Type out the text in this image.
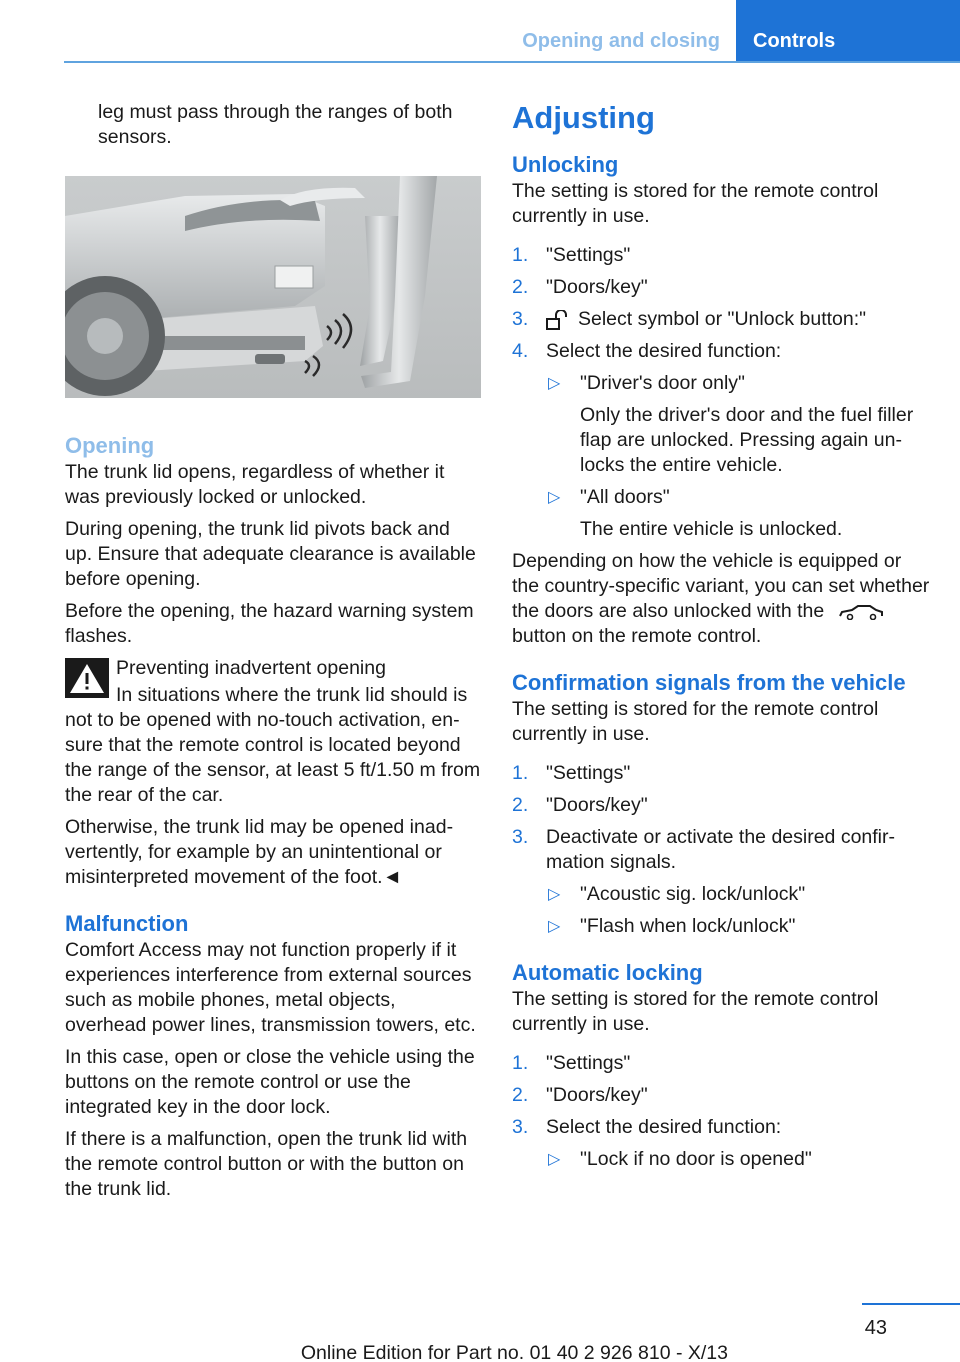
Opening and closing	Controls

leg must pass through the ranges of both sensors.

Opening

The trunk lid opens, regardless of whether it was previously locked or unlocked.

During opening, the trunk lid pivots back and up. Ensure that adequate clearance is available before opening.

Before the opening, the hazard warning system flashes.

Preventing inadvertent opening

In situations where the trunk lid should is not to be opened with no-touch activation, ensure that the remote control is located beyond the range of the sensor, at least 5 ft/1.50 m from the rear of the car.

Otherwise, the trunk lid may be opened inadvertently, for example by an unintentional or misinterpreted movement of the foot.◄

Malfunction

Comfort Access may not function properly if it experiences interference from external sources such as mobile phones, metal objects, overhead power lines, transmission towers, etc.

In this case, open or close the vehicle using the buttons on the remote control or use the integrated key in the door lock.

If there is a malfunction, open the trunk lid with the remote control button or with the button on the trunk lid.

Adjusting
Unlocking

The setting is stored for the remote control currently in use.

1. "Settings"
2. "Doors/key"
3.	Select symbol or "Unlock button:"
4. Select the desired function:
▷ "Driver's door only"

Only the driver's door and the fuel filler flap are unlocked. Pressing again unlocks the entire vehicle.

▷ "All doors"

The entire vehicle is unlocked.

Depending on how the vehicle is equipped or the country-specific variant, you can set whether the doors are also unlocked with the button on the remote control.

Confirmation signals from the vehicle

The setting is stored for the remote control currently in use.

1. "Settings"
2. "Doors/key"
3. Deactivate or activate the desired confirmation signals.
▷ "Acoustic sig. lock/unlock"
▷ "Flash when lock/unlock"
Automatic locking

The setting is stored for the remote control currently in use.

1. "Settings"
2. "Doors/key"
3. Select the desired function:
▷ "Lock if no door is opened"
43
Online Edition for Part no. 01 40 2 926 810 - X/13
